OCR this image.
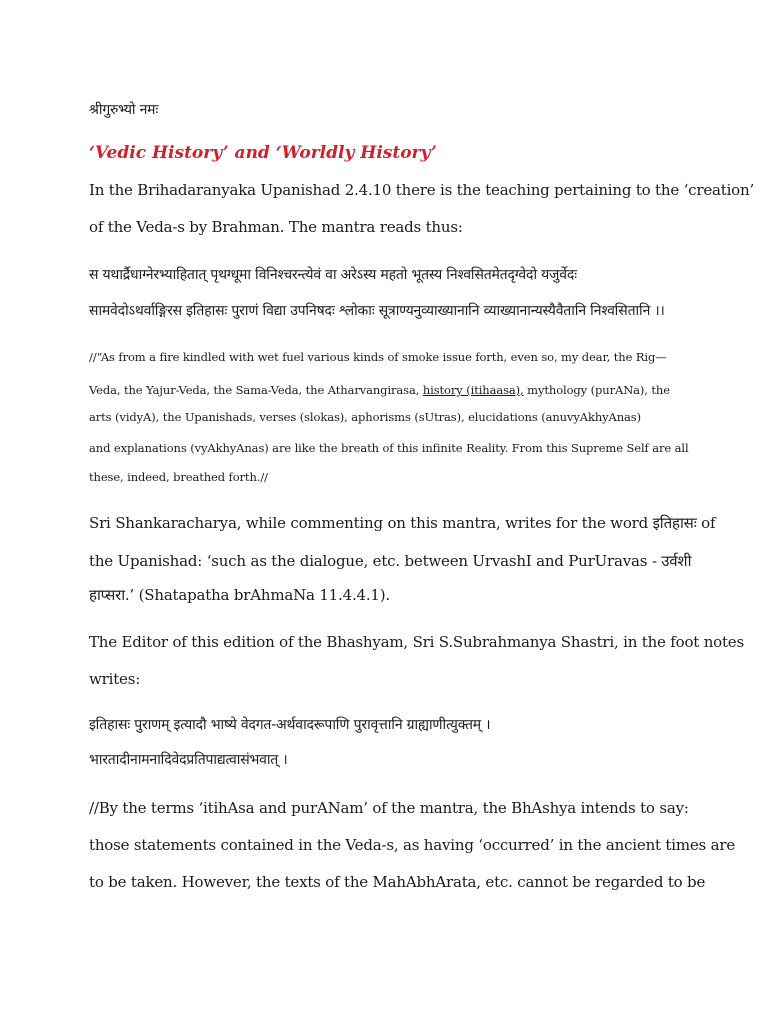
श्रीगुरुभ्यो नमः
‘Vedic History’ and ‘Worldly History’
In the Brihadaranyaka Upanishad 2.4.10 there is the teaching pertaining to the ‘creation’
of the Veda-s by Brahman. The mantra reads thus:
स यथार्द्रैधाग्नेरभ्याहितात् पृथग्धूमा विनिश्चरन्त्येवं वा अरेऽस्य महतो भूतस्य निश्वसितमेतदृग्वेदो यजुर्वेदः
सामवेदोऽथर्वाङ्गिरस इतिहासः पुराणं विद्या उपनिषदः श्लोकाः सूत्राण्यनुव्याख्यानानि व्याख्यानान्यस्यैवैतानि निश्वसितानि ।।
//“As from a fire kindled with wet fuel various kinds of smoke issue forth, even so, my dear, the Rig—
Veda, the Yajur-Veda, the Sama-Veda, the Atharvangirasa, history (itihaasa), mythology (purANa), the
arts (vidyA), the Upanishads, verses (slokas), aphorisms (sUtras), elucidations (anuvyAkhyAnas)
and explanations (vyAkhyAnas) are like the breath of this infinite Reality. From this Supreme Self are all
these, indeed, breathed forth.//
Sri Shankaracharya, while commenting on this mantra, writes for the word इतिहासः of
the Upanishad: ‘such as the dialogue, etc. between UrvashI and PurUravas - उर्वशी
हाप्सरा.’ (Shatapatha brAhmaNa 11.4.4.1).
The Editor of this edition of the Bhashyam, Sri S.Subrahmanya Shastri, in the foot notes
writes:
इतिहासः पुराणम् इत्यादौ भाष्ये वेदगत-अर्थवादरूपाणि पुरावृत्तानि ग्राह्याणीत्युक्तम् ।
भारतादीनामनादिवेदप्रतिपाद्यत्वासंभवात् ।
//By the terms ‘itihAsa and purANam’ of the mantra, the BhAshya intends to say:
those statements contained in the Veda-s, as having ‘occurred’ in the ancient times are
to be taken. However, the texts of the MahAbhArata, etc. cannot be regarded to be
